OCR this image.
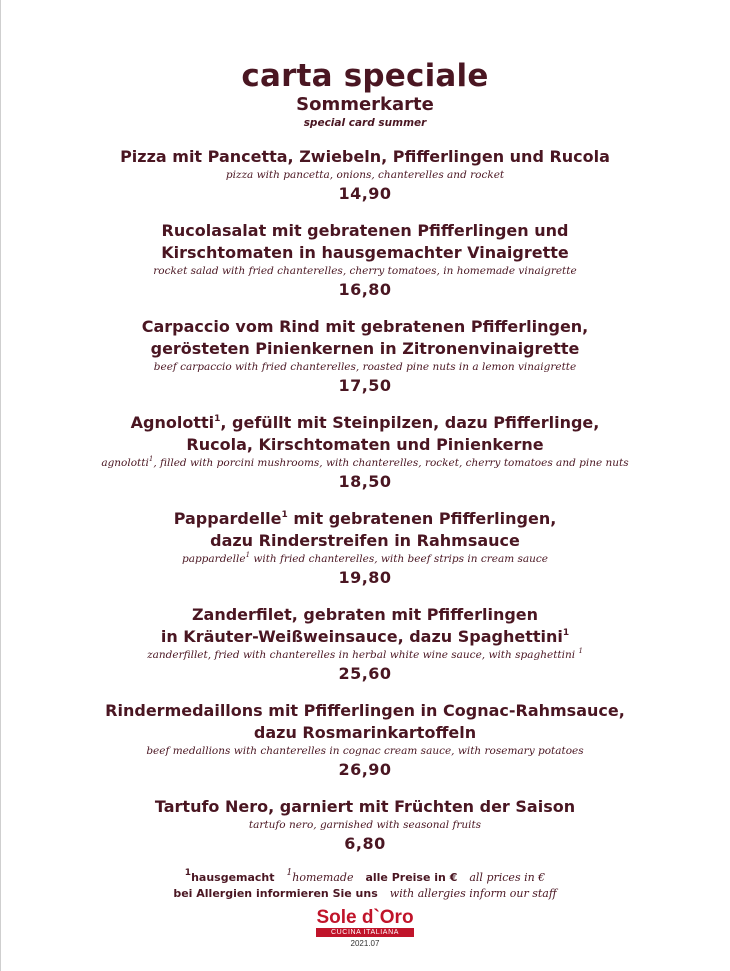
carta speciale
Sommerkarte
special card summer
Pizza mit Pancetta, Zwiebeln, Pfifferlingen und Rucola
pizza with pancetta, onions, chanterelles and rocket
14,90
Rucolasalat mit gebratenen Pfifferlingen und
Kirschtomaten in hausgemachter Vinaigrette
rocket salad with fried chanterelles, cherry tomatoes, in homemade vinaigrette
16,80
Carpaccio vom Rind mit gebratenen Pfifferlingen,
gerösteten Pinienkernen in Zitronenvinaigrette
beef carpaccio with fried chanterelles, roasted pine nuts in a lemon vinaigrette
17,50
Agnolotti$^1$, gefüllt mit Steinpilzen, dazu Pfifferlinge,
Rucola, Kirschtomaten und Pinienkerne
agnolotti$^1$, filled with porcini mushrooms, with chanterelles, rocket, cherry tomatoes and pine nuts
18,50
Pappardelle$^1$ mit gebratenen Pfifferlingen,
dazu Rinderstreifen in Rahmsauce
pappardelle$^1$ with fried chanterelles, with beef strips in cream sauce
19,80
Zanderfilet, gebraten mit Pfifferlingen
in Kräuter-Weißweinsauce, dazu Spaghettini$^1$
zanderfillet, fried with chanterelles in herbal white wine sauce, with spaghettini $^1$
25,60
Rindermedaillons mit Pfifferlingen in Cognac-Rahmsauce,
dazu Rosmarinkartoffeln
beef medallions with chanterelles in cognac cream sauce, with rosemary potatoes
26,90
Tartufo Nero, garniert mit Früchten der Saison
tartufo nero, garnished with seasonal fruits
6,80
$^1$hausgemacht $^1$homemade alle Preise in € all prices in €
bei Allergien informieren Sie uns with allergies inform our staff
Sole d`Oro
CUCINA ITALIANA
2021.07
